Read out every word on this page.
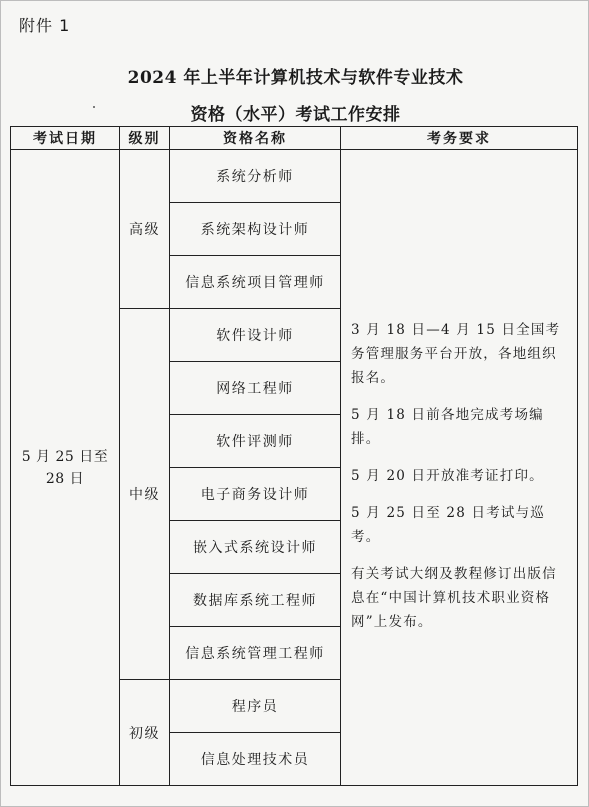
附件 1
2024 年上半年计算机技术与软件专业技术
资格（水平）考试工作安排
考试日期	级别	资格名称	考务要求

5 月 25 日至 28 日	高级	系统分析师	3 月 18 日—4 月 15 日全国考务管理服务平台开放，各地组织报名。

5 月 18 日前各地完成考场编排。

5 月 20 日开放准考证打印。

5 月 25 日至 28 日考试与巡考。

有关考试大纲及教程修订出版信息在“中国计算机技术职业资格网”上发布。

		系统架构设计师	
		信息系统项目管理师	
	中级	软件设计师	
		网络工程师	
		软件评测师	
		电子商务设计师	
		嵌入式系统设计师	
		数据库系统工程师	
		信息系统管理工程师	
	初级	程序员	
		信息处理技术员	
